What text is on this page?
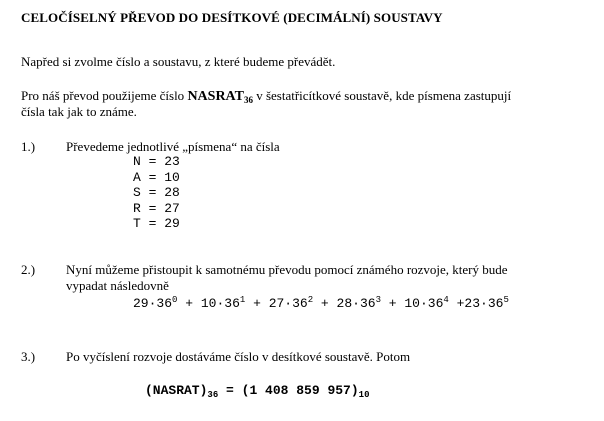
CELOČÍSELNÝ PŘEVOD DO DESÍTKOVÉ (DECIMÁLNÍ) SOUSTAVY
Napřed si zvolme číslo a soustavu, z které budeme převádět.
Pro náš převod použijeme číslo $NASRAT_{36}$ v šestatřicítkové soustavě, kde písmena zastupují
čísla tak jak to známe.
1.) Převedeme jednotlivé „písmena“ na čísla
N = 23
A = 10
S = 28
R = 27
T = 29
2.) Nyní můžeme přistoupit k samotnému převodu pomocí známého rozvoje, který bude
vypadat následovně
$29\cdot 36^0 + 10\cdot 36^1 + 27\cdot 36^2 + 28\cdot 36^3 + 10\cdot 36^4 +23\cdot 36^5$
3.) Po vyčíslení rozvoje dostáváme číslo v desítkové soustavě. Potom
$(NASRAT)_{36} = (1$ 408 859 $957)_{10}$
